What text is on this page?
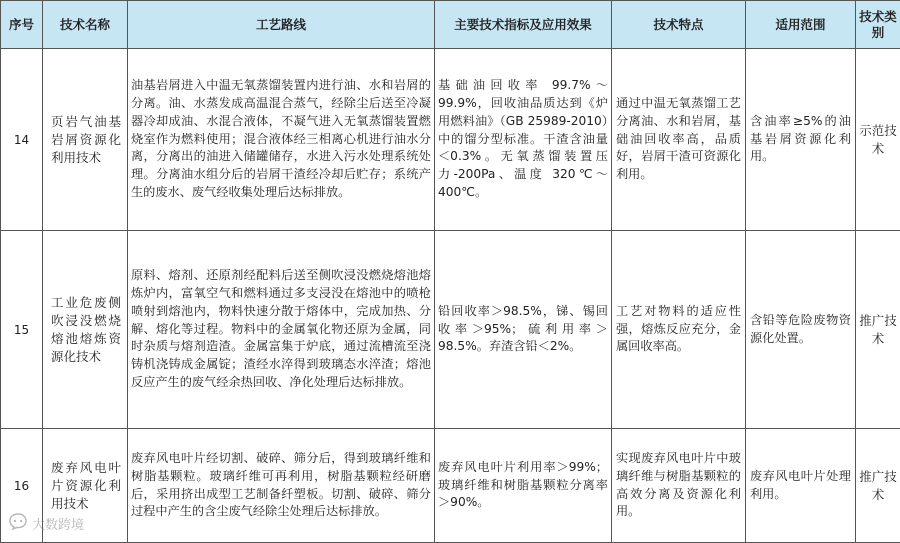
序号	技术名称	工艺路线	主要技术指标及应用效果	技术特点	适用范围	技术类别
14	页岩气油基岩屑资源化利用技术	油基岩屑进入中温无氧蒸馏装置内进行油、水和岩屑的分离。油、水蒸发成高温混合蒸气，经除尘后送至冷凝器冷却成油、水混合液体，不凝气进入无氧蒸馏装置燃烧室作为燃料使用；混合液体经三相离心机进行油水分离，分离出的油进入储罐储存，水进入污水处理系统处理。分离油水组分后的岩屑干渣经冷却后贮存；系统产生的废水、废气经收集处理后达标排放。	基础油回收率 99.7%～99.9%，回收油品质达到《炉用燃料油》（GB 25989-2010）中的馏分型标准。干渣含油量＜0.3%。无氧蒸馏装置压力-200Pa、温度 320℃～400℃。	通过中温无氧蒸馏工艺分离油、水和岩屑，基础油回收率高，品质好，岩屑干渣可资源化利用。	含油率≥5%的油基岩屑资源化利用。	示范技术
15	工业危废侧吹浸没燃烧熔池熔炼资源化技术	原料、熔剂、还原剂经配料后送至侧吹浸没燃烧熔池熔炼炉内，富氧空气和燃料通过多支浸没在熔池中的喷枪喷射到熔池内，物料快速分散于熔体中，完成加热、分解、熔化等过程。物料中的金属氧化物还原为金属，同时杂质与熔剂造渣。金属富集于炉底，通过流槽流至浇铸机浇铸成金属锭；渣经水淬得到玻璃态水淬渣；熔池反应产生的废气经余热回收、净化处理后达标排放。	铅回收率＞98.5%，锑、锡回收率＞95%；硫利用率＞98.5%。弃渣含铅＜2%。	工艺对物料的适应性强，熔炼反应充分，金属回收率高。	含铅等危险废物资源化处置。	推广技术
16	废弃风电叶片资源化利用技术	废弃风电叶片经切割、破碎、筛分后，得到玻璃纤维和树脂基颗粒。玻璃纤维可再利用，树脂基颗粒经研磨后，采用挤出成型工艺制备纤塑板。切割、破碎、筛分过程中产生的含尘废气经除尘处理后达标排放。	废弃风电叶片利用率＞99%；玻璃纤维和树脂基颗粒分离率＞90%。	实现废弃风电叶片中玻璃纤维与树脂基颗粒的高效分离及资源化利用。	废弃风电叶片处理利用。	推广技术
大数跨境
